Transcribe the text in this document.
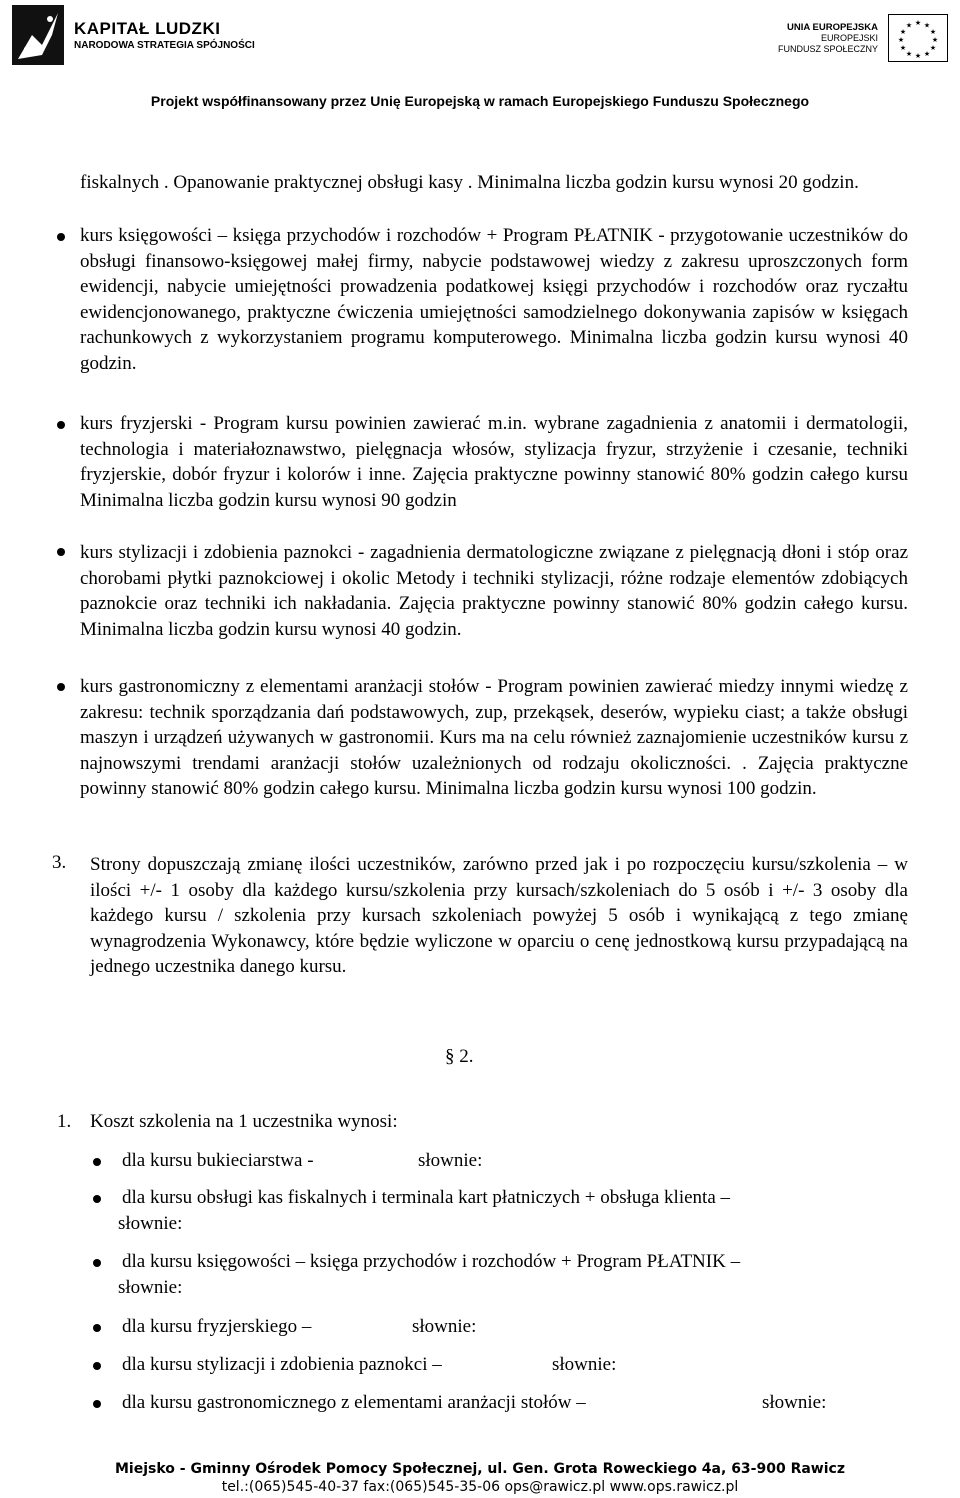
KAPITAŁ LUDZKI
NARODOWA STRATEGIA SPÓJNOŚCI
UNIA EUROPEJSKA
EUROPEJSKI
FUNDUSZ SPOŁECZNY
★ ★
★
★
★
★
★
★
★
★
★
★
Projekt współfinansowany przez Unię Europejską w ramach Europejskiego Funduszu Społecznego
fiskalnych . Opanowanie praktycznej obsługi kasy . Minimalna liczba godzin kursu wynosi 20 godzin.
kurs księgowości – księga przychodów i rozchodów + Program PŁATNIK - przygotowanie uczestników do obsługi finansowo-księgowej małej firmy, nabycie podstawowej wiedzy z zakresu uproszczonych form ewidencji, nabycie umiejętności prowadzenia podatkowej księgi przychodów i rozchodów oraz ryczałtu ewidencjonowanego, praktyczne ćwiczenia umiejętności samodzielnego dokonywania zapisów w księgach rachunkowych z wykorzystaniem programu komputerowego. Minimalna liczba godzin kursu wynosi 40 godzin.
kurs fryzjerski - Program kursu powinien zawierać m.in. wybrane zagadnienia z anatomii i dermatologii, technologia i materiałoznawstwo, pielęgnacja włosów, stylizacja fryzur, strzyżenie i czesanie, techniki fryzjerskie, dobór fryzur i kolorów i inne. Zajęcia praktyczne powinny stanowić 80% godzin całego kursu Minimalna liczba godzin kursu wynosi 90 godzin
kurs stylizacji i zdobienia paznokci - zagadnienia dermatologiczne związane z pielęgnacją dłoni i stóp oraz chorobami płytki paznokciowej i okolic Metody i techniki stylizacji, różne rodzaje elementów zdobiących paznokcie oraz techniki ich nakładania. Zajęcia praktyczne powinny stanowić 80% godzin całego kursu. Minimalna liczba godzin kursu wynosi 40 godzin.
kurs gastronomiczny z elementami aranżacji stołów - Program powinien zawierać miedzy innymi wiedzę z zakresu: technik sporządzania dań podstawowych, zup, przekąsek, deserów, wypieku ciast; a także obsługi maszyn i urządzeń używanych w gastronomii. Kurs ma na celu również zaznajomienie uczestników kursu z najnowszymi trendami aranżacji stołów uzależnionych od rodzaju okoliczności. . Zajęcia praktyczne powinny stanowić 80% godzin całego kursu. Minimalna liczba godzin kursu wynosi 100 godzin.
3. Strony dopuszczają zmianę ilości uczestników, zarówno przed jak i po rozpoczęciu kursu/szkolenia – w ilości +/- 1 osoby dla każdego kursu/szkolenia przy kursach/szkoleniach do 5 osób i +/- 3 osoby dla każdego kursu / szkolenia przy kursach szkoleniach powyżej 5 osób i wynikającą z tego zmianę wynagrodzenia Wykonawcy, które będzie wyliczone w oparciu o cenę jednostkową kursu przypadającą na jednego uczestnika danego kursu.
§ 2.
1. Koszt szkolenia na 1 uczestnika wynosi:
dla kursu bukieciarstwa -	słownie:
dla kursu obsługi kas fiskalnych i terminala kart płatniczych + obsługa klienta –
słownie:
dla kursu księgowości – księga przychodów i rozchodów + Program PŁATNIK –
słownie:
dla kursu fryzjerskiego –	słownie:
dla kursu stylizacji i zdobienia paznokci –	słownie:
dla kursu gastronomicznego z elementami aranżacji stołów –	słownie:
Miejsko - Gminny Ośrodek Pomocy Społecznej, ul. Gen. Grota Roweckiego 4a, 63-900 Rawicz
tel.:(065)545-40-37 fax:(065)545-35-06 ops@rawicz.pl www.ops.rawicz.pl
